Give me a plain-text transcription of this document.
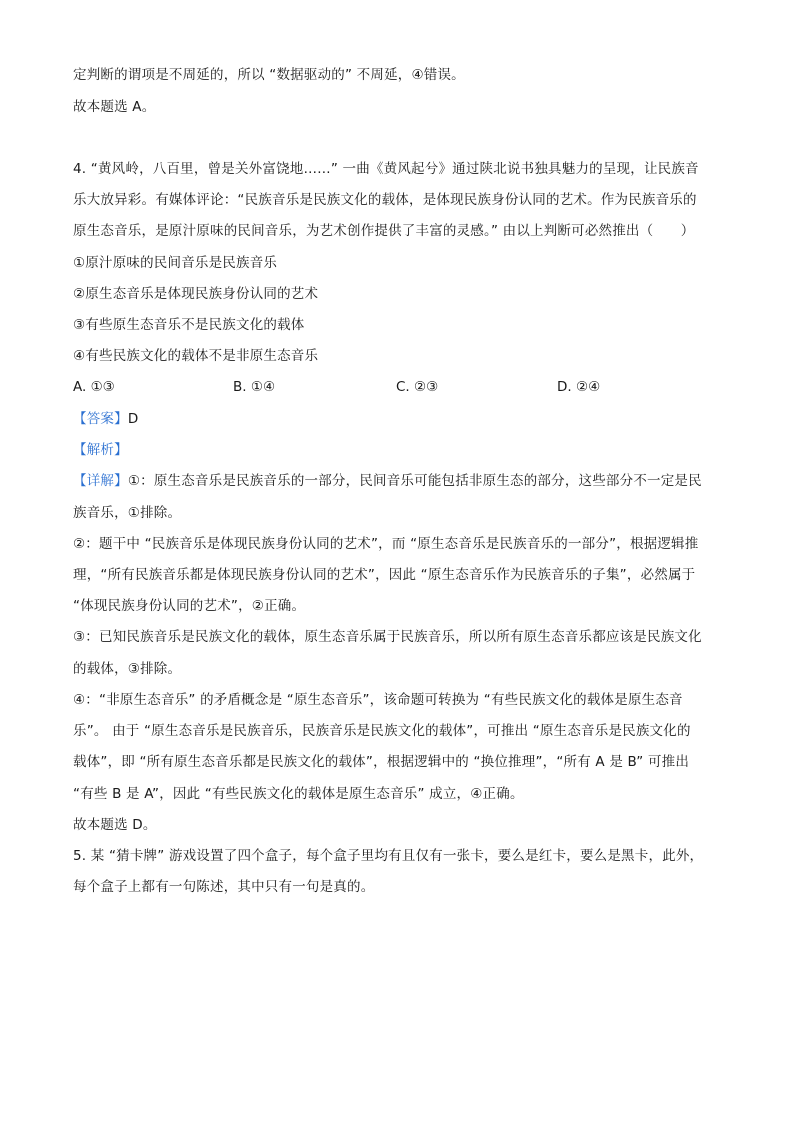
定判断的谓项是不周延的，所以 “数据驱动的” 不周延，④错误。
故本题选 A。
4. “黄风岭，八百里，曾是关外富饶地……” 一曲《黄风起兮》通过陕北说书独具魅力的呈现，让民族音
乐大放异彩。有媒体评论：“民族音乐是民族文化的载体，是体现民族身份认同的艺术。作为民族音乐的
原生态音乐，是原汁原味的民间音乐，为艺术创作提供了丰富的灵感。” 由以上判断可必然推出（　　）
①原汁原味的民间音乐是民族音乐
②原生态音乐是体现民族身份认同的艺术
③有些原生态音乐不是民族文化的载体
④有些民族文化的载体不是非原生态音乐
A. ①③	B. ①④	C. ②③	D. ②④
【答案】D
【解析】
【详解】①：原生态音乐是民族音乐的一部分，民间音乐可能包括非原生态的部分，这些部分不一定是民
族音乐，①排除。
②：题干中 “民族音乐是体现民族身份认同的艺术”，而 “原生态音乐是民族音乐的一部分”，根据逻辑推
理，“所有民族音乐都是体现民族身份认同的艺术”，因此 “原生态音乐作为民族音乐的子集”，必然属于
“体现民族身份认同的艺术”，②正确。
③：已知民族音乐是民族文化的载体，原生态音乐属于民族音乐，所以所有原生态音乐都应该是民族文化
的载体，③排除。
④：“非原生态音乐” 的矛盾概念是 “原生态音乐”，该命题可转换为 “有些民族文化的载体是原生态音
乐”。 由于 “原生态音乐是民族音乐，民族音乐是民族文化的载体”，可推出 “原生态音乐是民族文化的
载体”，即 “所有原生态音乐都是民族文化的载体”，根据逻辑中的 “换位推理”，“所有 A 是 B” 可推出
“有些 B 是 A”，因此 “有些民族文化的载体是原生态音乐” 成立，④正确。
故本题选 D。
5. 某 “猜卡牌” 游戏设置了四个盒子，每个盒子里均有且仅有一张卡，要么是红卡，要么是黑卡，此外，
每个盒子上都有一句陈述，其中只有一句是真的。
